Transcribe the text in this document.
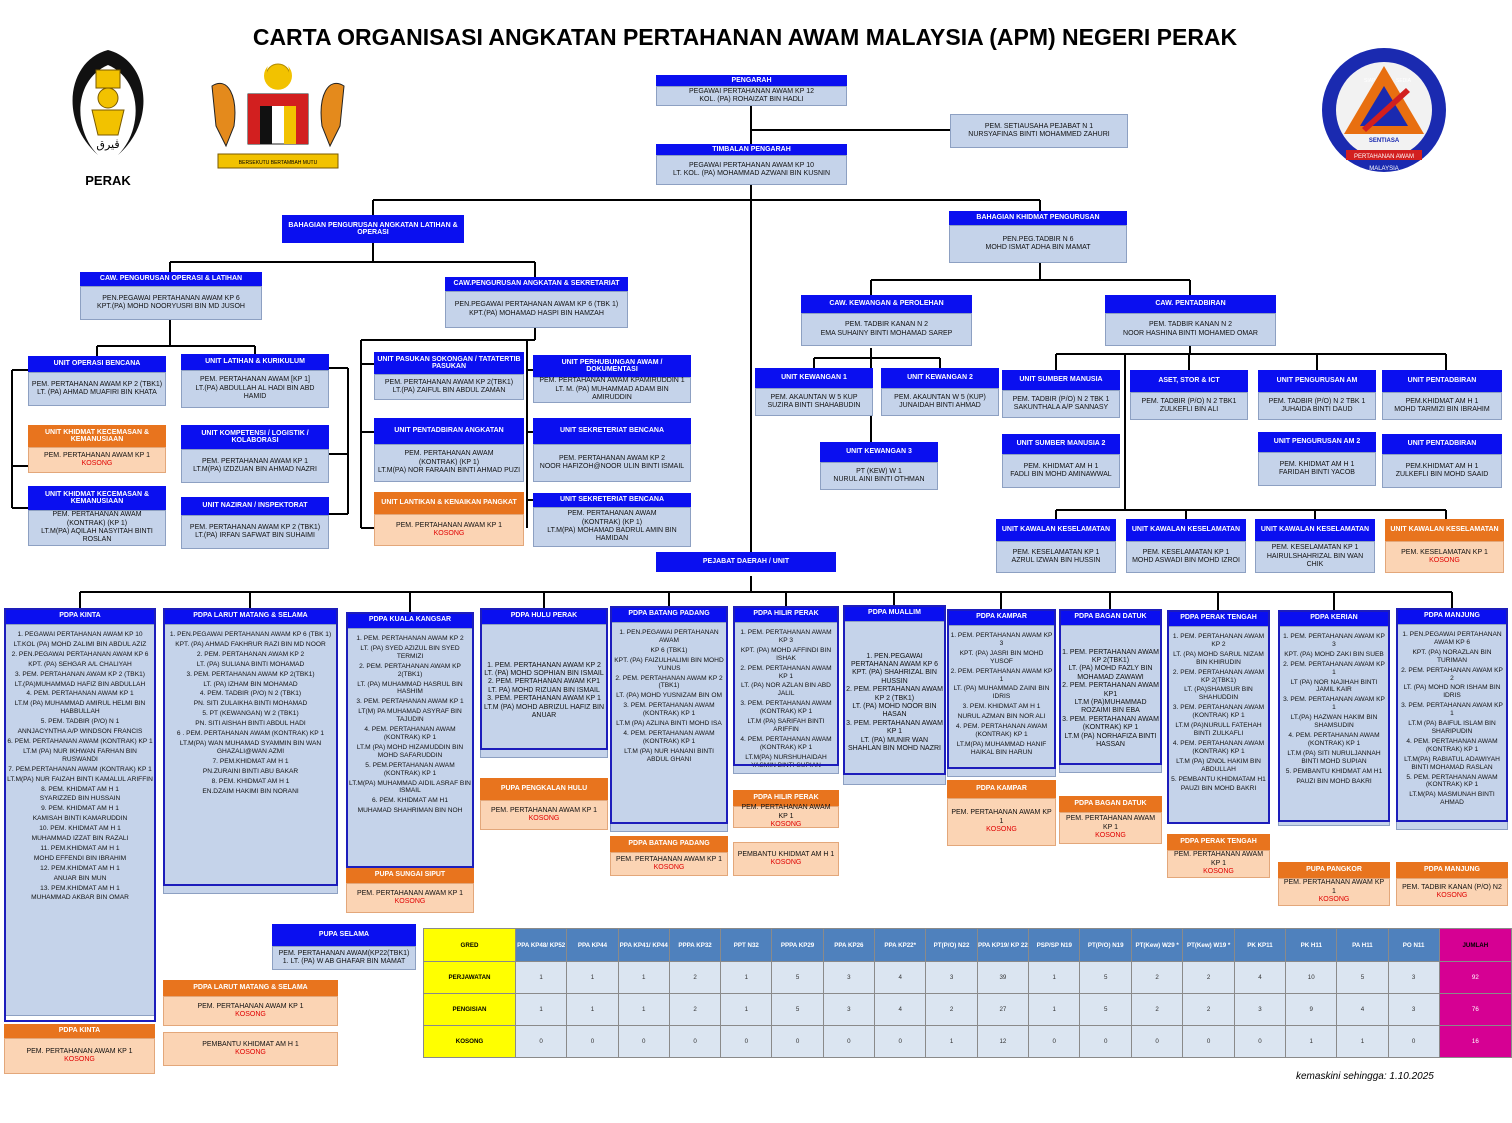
CARTA ORGANISASI ANGKATAN PERTAHANAN AWAM MALAYSIA (APM) NEGERI PERAK
ڤيرق
PERAK
BERSEKUTU BERTAMBAH MUTU
SIAP	SEDIA
SENTIASA
PERTAHANAN AWAM
MALAYSIA
PENGARAH
PEGAWAI PERTAHANAN AWAM KP 12
KOL. (PA) ROHAIZAT BIN HADLI
PEM. SETIAUSAHA PEJABAT N 1
NURSYAFINAS BINTI MOHAMMED ZAHURI
TIMBALAN PENGARAH
PEGAWAI PERTAHANAN AWAM KP 10
LT. KOL. (PA) MOHAMMAD AZWANI BIN KUSNIN
BAHAGIAN PENGURUSAN ANGKATAN LATIHAN & OPERASI
BAHAGIAN KHIDMAT PENGURUSAN
PEN.PEG.TADBIR N 6
MOHD ISMAT ADHA BIN MAMAT
CAW. PENGURUSAN OPERASI & LATIHAN
PEN.PEGAWAI PERTAHANAN AWAM KP 6
KPT.(PA) MOHD NOORYUSRI BIN MD JUSOH
CAW.PENGURUSAN ANGKATAN & SEKRETARIAT
PEN.PEGAWAI PERTAHANAN AWAM KP 6 (TBK 1)
KPT.(PA) MOHAMAD HASPI BIN HAMZAH
CAW. KEWANGAN & PEROLEHAN
PEM. TADBIR KANAN N 2
EMA SUHAINY BINTI MOHAMAD SAREP
CAW. PENTADBIRAN
PEM. TADBIR KANAN N 2
NOOR HASHINA BINTI MOHAMED OMAR
UNIT OPERASI BENCANA
PEM. PERTAHANAN AWAM KP 2 (TBK1)
LT. (PA) AHMAD MUAFIRI BIN KHATA
UNIT LATIHAN & KURIKULUM
PEM. PERTAHANAN AWAM [KP 1]
LT.(PA) ABDULLAH AL HADI BIN ABD HAMID
UNIT KHIDMAT KECEMASAN & KEMANUSIAAN
PEM. PERTAHANAN AWAM KP 1
KOSONG
UNIT KOMPETENSI / LOGISTIK / KOLABORASI
PEM. PERTAHANAN AWAM KP 1
LT.M(PA) IZDZUAN BIN AHMAD NAZRI
UNIT KHIDMAT KECEMASAN & KEMANUSIAAN
PEM. PERTAHANAN AWAM
(KONTRAK) (KP 1)
LT.M(PA) AQILAH NASYITAH BINTI ROSLAN
UNIT NAZIRAN / INSPEKTORAT
PEM. PERTAHANAN AWAM KP 2 (TBK1)
LT.(PA) IRFAN SAFWAT BIN SUHAIMI
UNIT PASUKAN SOKONGAN / TATATERTIB PASUKAN
PEM. PERTAHANAN AWAM KP 2(TBK1)
LT.(PA) ZAIFUL BIN ABDUL ZAMAN
UNIT PERHUBUNGAN AWAM / DOKUMENTASI
PEM. PERTAHANAN AWAM KPAMIRUDDIN 1
LT. M. (PA) MUHAMMAD ADAM BIN AMIRUDDIN
UNIT PENTADBIRAN ANGKATAN
PEM. PERTAHANAN AWAM
(KONTRAK) (KP 1)
LT.M(PA) NOR FARAAIN BINTI AHMAD PUZI
UNIT SEKRETERIAT BENCANA
PEM. PERTAHANAN AWAM KP 2
NOOR HAFIZOH@NOOR ULIN BINTI ISMAIL
UNIT LANTIKAN & KENAIKAN PANGKAT
PEM. PERTAHANAN AWAM KP 1
KOSONG
UNIT SEKRETERIAT BENCANA
PEM. PERTAHANAN AWAM
(KONTRAK) (KP 1)
LT.M(PA) MOHAMAD BADRUL AMIN BIN HAMIDAN
UNIT KEWANGAN 1
PEM. AKAUNTAN W 5 KUP
SUZIRA BINTI SHAHABUDIN
UNIT KEWANGAN 2
PEM. AKAUNTAN W 5 (KUP)
JUNAIDAH BINTI AHMAD
UNIT KEWANGAN 3
PT (KEW) W 1
NURUL AINI BINTI OTHMAN
UNIT SUMBER MANUSIA
PEM. TADBIR (P/O) N 2 TBK 1
SAKUNTHALA A/P SANNASY
ASET, STOR & ICT
PEM. TADBIR (P/O) N 2 TBK1
ZULKEFLI BIN ALI
UNIT PENGURUSAN AM
PEM. TADBIR (P/O) N 2 TBK 1
JUHAIDA BINTI DAUD
UNIT PENTADBIRAN
PEM.KHIDMAT AM H 1
MOHD TARMIZI BIN IBRAHIM
UNIT SUMBER MANUSIA 2
PEM. KHIDMAT AM H 1
FADLI BIN MOHD AMINAWWAL
UNIT PENGURUSAN AM 2
PEM. KHIDMAT AM H 1
FARIDAH BINTI YACOB
UNIT PENTADBIRAN
PEM.KHIDMAT AM H 1
ZULKEFLI BIN MOHD SAAID
UNIT KAWALAN KESELAMATAN
PEM. KESELAMATAN KP 1
AZRUL IZWAN BIN HUSSIN
UNIT KAWALAN KESELAMATAN
PEM. KESELAMATAN KP 1
MOHD ASWADI BIN MOHD IZROI
UNIT KAWALAN KESELAMATAN
PEM. KESELAMATAN KP 1
HAIRULSHAHRIZAL BIN WAN CHIK
UNIT KAWALAN KESELAMATAN
PEM. KESELAMATAN KP 1
KOSONG
PEJABAT DAERAH / UNIT
PDPA KINTA
1. PEGAWAI PERTAHANAN AWAM KP 10
LT.KOL (PA) MOHD ZALIMI BIN ABDUL AZIZ
2. PEN.PEGAWAI PERTAHANAN AWAM KP 6
KPT. (PA) SEHGAR A/L CHALIYAH
3. PEM. PERTAHANAN AWAM KP 2 (TBK1)
LT.(PA)MUHAMMAD HAFIZ BIN ABDULLAH
4. PEM. PERTAHANAN AWAM KP 1
LT.M (PA) MUHAMMAD AMIRUL HELMI BIN HABBULLAH
5. PEM. TADBIR (P/O) N 1
ANNJACYNTHA A/P WINDSON FRANCIS
6. PEM. PERTAHANAN AWAM (KONTRAK) KP 1
LT.M (PA) NUR IKHWAN FARHAN BIN RUSWANDI
7. PEM.PERTAHANAN AWAM (KONTRAK) KP 1
LT.M(PA) NUR FAIZAH BINTI KAMALUL ARIFFIN
8. PEM. KHIDMAT AM H 1
SYARIZZED BIN HUSSAIN
9. PEM. KHIDMAT AM H 1
KAMISAH BINTI KAMARUDDIN
10. PEM. KHIDMAT AM H 1
MUHAMMAD IZZAT BIN RAZALI
11. PEM.KHIDMAT AM H 1
MOHD EFFENDI BIN IBRAHIM
12. PEM.KHIDMAT AM H 1
ANUAR BIN MUN
13. PEM.KHIDMAT AM H 1
MUHAMMAD AKBAR BIN OMAR
PDPA LARUT MATANG & SELAMA
1. PEN.PEGAWAI PERTAHANAN AWAM KP 6 (TBK 1)
KPT. (PA) AHMAD FAKHRUR RAZI BIN MD NOOR
2. PEM. PERTAHANAN AWAM KP 2
LT. (PA) SULIANA BINTI MOHAMAD
3. PEM. PERTAHANAN AWAM KP 2(TBK1)
LT. (PA) IZHAM BIN MOHAMAD
4. PEM. TADBIR (P/O) N 2 (TBK1)
PN. SITI ZULAIKHA BINTI MOHAMAD
5. PT (KEWANGAN) W 2 (TBK1)
PN. SITI AISHAH BINTI ABDUL HADI
6 . PEM. PERTAHANAN AWAM (KONTRAK) KP 1
LT.M(PA) WAN MUHAMAD SYAMMIN BIN WAN GHAZALI@WAN AZMI
7. PEM.KHIDMAT AM H 1
PN.ZURAINI BINTI ABU BAKAR
8. PEM. KHIDMAT AM H 1
EN.DZAIM HAKIMI BIN NORANI
PDPA KUALA KANGSAR
1. PEM. PERTAHANAN AWAM KP 2
LT. (PA) SYED AZIZUL BIN SYED TERMIZI
2. PEM. PERTAHANAN AWAM KP 2(TBK1)
LT. (PA) MUHAMMAD HASRUL BIN HASHIM
3. PEM. PERTAHANAN AWAM KP 1
LT(M) PA MUHAMAD ASYRAF BIN TAJUDIN
4. PEM. PERTAHANAN AWAM (KONTRAK) KP 1
LT.M (PA) MOHD HIZAMUDDIN BIN MOHD SAFARUDDIN
5. PEM.PERTAHANAN AWAM (KONTRAK) KP 1
LT.M(PA) MUHAMMAD AIDIL ASRAF BIN ISMAIL
6. PEM. KHIDMAT AM H1
MUHAMAD SHAHRIMAN BIN NOH
PDPA HULU PERAK
1. PEM. PERTAHANAN AWAM KP 2
LT. (PA) MOHD SOPHIAN BIN ISMAIL
2. PEM. PERTAHANAN AWAM KP1
LT. PA) MOHD RIZUAN BIN ISMAIL
3. PEM. PERTAHANAN AWAM KP 1
LT.M (PA) MOHD ABRIZUL HAFIZ BIN ANUAR
PDPA BATANG PADANG
1. PEN.PEGAWAI PERTAHANAN AWAM
KP 6 (TBK1)
KPT. (PA) FAIZULHALIMI BIN MOHD YUNUS
2. PEM. PERTAHANAN AWAM KP 2 (TBK1)
LT. (PA) MOHD YUSNIZAM BIN OM
3. PEM. PERTAHANAN AWAM (KONTRAK) KP 1
LT.M (PA) AZLINA BINTI MOHD ISA
4. PEM. PERTAHANAN AWAM (KONTRAK) KP 1
LT.M (PA) NUR HANANI BINTI ABDUL GHANI
PDPA HILIR PERAK
1. PEM. PERTAHANAN AWAM KP 3
KPT. (PA) MOHD AFFINDI BIN ISHAK
2. PEM. PERTAHANAN AWAM KP 1
LT. (PA) NOR AZLAN BIN ABD JALIL
3. PEM. PERTAHANAN AWAM (KONTRAK) KP 1
LT.M (PA) SARIFAH BINTI ARIFFIN
4. PEM. PERTAHANAN AWAM (KONTRAK) KP 1
LT.M(PA) NURSHUHAIDAH YASMIN BINTI SUPIAN
PDPA MUALLIM
1. PEN.PEGAWAI PERTAHANAN AWAM KP 6
KPT. (PA) SHAHRIZAL BIN HUSSIN
2. PEM. PERTAHANAN AWAM KP 2 (TBK1)
LT. (PA) MOHD NOOR BIN HASAN
3. PEM. PERTAHANAN AWAM KP 1
LT. (PA) MUNIR WAN SHAHLAN BIN MOHD NAZRI
PDPA KAMPAR
1. PEM. PERTAHANAN AWAM KP 3
KPT. (PA) JASRI BIN MOHD YUSOF
2. PEM. PERTAHANAN AWAM KP 1
LT. (PA) MUHAMMAD ZAINI BIN IDRIS
3. PEM. KHIDMAT AM H 1
NURUL AZMAN BIN NOR ALI
4. PEM. PERTAHANAN AWAM (KONTRAK) KP 1
LT.M(PA) MUHAMMAD HANIF HAIKAL BIN HARUN
PDPA BAGAN DATUK
1. PEM. PERTAHANAN AWAM KP 2(TBK1)
LT. (PA) MOHD FAZLY BIN MOHAMAD ZAWAWI
2. PEM. PERTAHANAN AWAM KP1
LT.M (PA)MUHAMMAD ROZAIMI BIN EBA
3. PEM. PERTAHANAN AWAM (KONTRAK) KP 1
LT.M (PA) NORHAFIZA BINTI HASSAN
PDPA PERAK TENGAH
1. PEM. PERTAHANAN AWAM KP 2
LT. (PA) MOHD SARUL NIZAM BIN KHIRUDIN
2. PEM. PERTAHANAN AWAM KP 2(TBK1)
LT. (PA)SHAMSUR BIN SHAHUDDIN
3. PEM. PERTAHANAN AWAM (KONTRAK) KP 1
LT.M (PA)NURULL FATEHAH BINTI ZULKAFLI
4. PEM. PERTAHANAN AWAM (KONTRAK) KP 1
LT.M (PA) IZNOL HAKIM BIN ABDULLAH
5. PEMBANTU KHIDMATAM H1
PAUZI BIN MOHD BAKRI
PDPA KERIAN
1. PEM. PERTAHANAN AWAM KP 3
KPT. (PA) MOHD ZAKI BIN SUEB
2. PEM. PERTAHANAN AWAM KP 1
LT (PA) NOR NAJIHAH BINTI JAMIL KAIR
3. PEM. PERTAHANAN AWAM KP 1
LT.(PA) HAZWAN HAKIM BIN SHAMSUDIN
4. PEM. PERTAHANAN AWAM (KONTRAK) KP 1
LT.M (PA) SITI NURULJANNAH BINTI MOHD SUPIAN
5. PEMBANTU KHIDMAT AM H1
PAUZI BIN MOHD BAKRI
PDPA MANJUNG
1. PEN.PEGAWAI PERTAHANAN AWAM KP 6
KPT. (PA) NORAZLAN BIN TURIMAN
2. PEM. PERTAHANAN AWAM KP 2
LT. (PA) MOHD NOR ISHAM BIN IDRIS
3. PEM. PERTAHANAN AWAM KP 1
LT.M (PA) BAIFUL ISLAM BIN SHARIPUDIN
4. PEM. PERTAHANAN AWAM (KONTRAK) KP 1
LT.M(PA) RABIATUL ADAWIYAH BINTI MOHAMAD RASLAN
5. PEM. PERTAHANAN AWAM (KONTRAK) KP 1
LT.M(PA) MASMUNAH BINTI AHMAD
PDPA KINTA
PEM. PERTAHANAN AWAM KP 1
KOSONG
PDPA LARUT MATANG & SELAMA
PEM. PERTAHANAN AWAM KP 1
KOSONG
PEMBANTU KHIDMAT AM H 1
KOSONG
PUPA SELAMA
PEM. PERTAHANAN AWAM(KP22(TBK1)
1. LT. (PA) W AB GHAFAR BIN MAMAT
PUPA SUNGAI SIPUT
PEM. PERTAHANAN AWAM KP 1
KOSONG
PUPA PENGKALAN HULU
PEM. PERTAHANAN AWAM KP 1
KOSONG
PDPA BATANG PADANG
PEM. PERTAHANAN AWAM KP 1
KOSONG
PDPA HILIR PERAK
PEM. PERTAHANAN AWAM KP 1
KOSONG
PEMBANTU KHIDMAT AM H 1
KOSONG
PDPA KAMPAR
PEM. PERTAHANAN AWAM KP 1
KOSONG
PDPA BAGAN DATUK
PEM. PERTAHANAN AWAM KP 1
KOSONG
PDPA PERAK TENGAH
PEM. PERTAHANAN AWAM KP 1
KOSONG	PUPA PANGKOR
PEM. PERTAHANAN AWAM KP 1
KOSONG
PDPA MANJUNG
PEM. TADBIR KANAN (P/O) N2
KOSONG
kemaskini sehingga: 1.10.2025
GRED	PPA KP48/ KP52	PPA KP44	PPA KP41/ KP44	PPPA KP32	PPT N32	PPPA KP29	PPA KP26	PPA KP22*	PT(P/O) N22	PPA KP19/ KP 22	PSP/SP N19	PT(P/O) N19	PT(Kew) W29 *	PT(Kew) W19 *	PK KP11	PK H11	PA H11	PO N11	JUMLAH
PERJAWATAN	1	1	1	2	1	5	3	4	3	39	1	5	2	2	4	10	5	3	92
PENGISIAN	1	1	1	2	1	5	3	4	2	27	1	5	2	2	3	9	4	3	76
KOSONG	0	0	0	0	0	0	0	0	1	12	0	0	0	0	0	1	1	0	16
